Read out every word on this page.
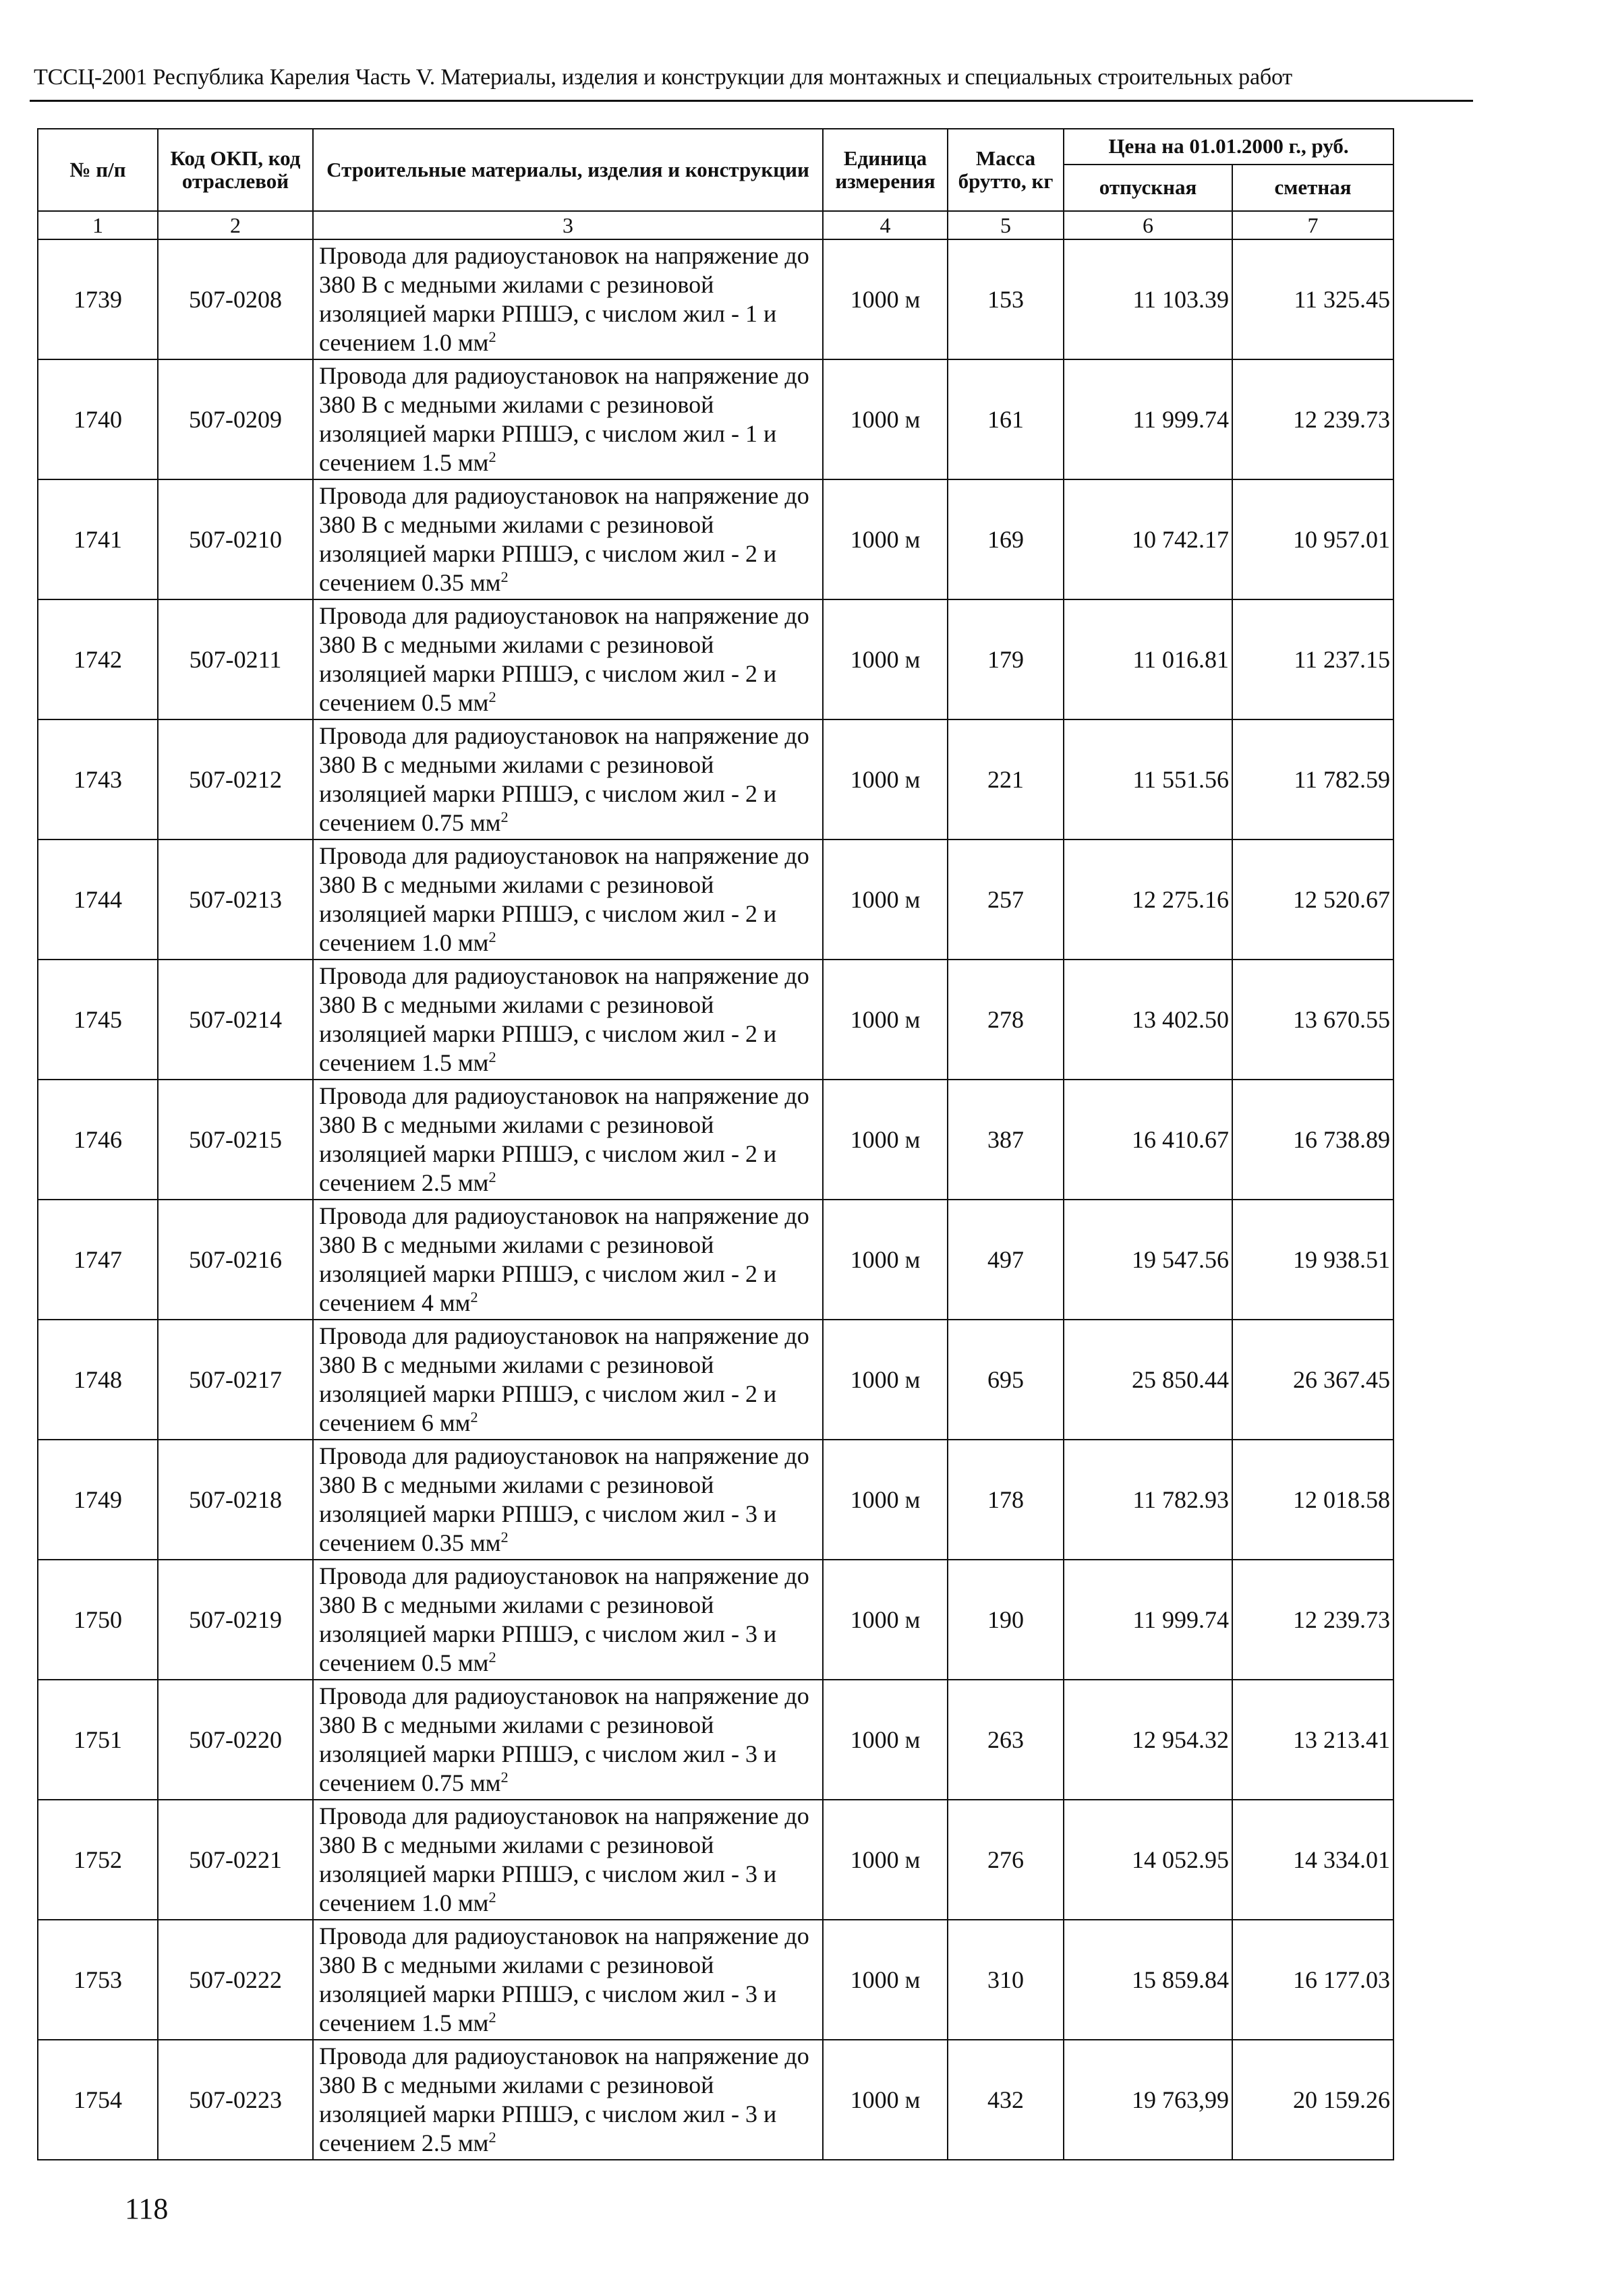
ТССЦ-2001 Республика Карелия Часть V. Материалы, изделия и конструкции для монтажных и специальных строительных работ
№ п/п	Код ОКП, код отраслевой	Строительные материалы, изделия и конструкции	Единица измерения	Масса брутто, кг	Цена на 01.01.2000 г., руб.	
					отпускная	сметная
1	2	3	4	5	6	7
1739	507-0208	Провода для радиоустановок на напряжение до 380 В с медными жилами с резиновой изоляцией марки РПШЭ, с числом жил - 1 и сечением 1.0 $мм^2$	1000 м	153	11 103.39	11 325.45
1740	507-0209	Провода для радиоустановок на напряжение до 380 В с медными жилами с резиновой изоляцией марки РПШЭ, с числом жил - 1 и сечением 1.5 $мм^2$	1000 м	161	11 999.74	12 239.73
1741	507-0210	Провода для радиоустановок на напряжение до 380 В с медными жилами с резиновой изоляцией марки РПШЭ, с числом жил - 2 и сечением 0.35 $мм^2$	1000 м	169	10 742.17	10 957.01
1742	507-0211	Провода для радиоустановок на напряжение до 380 В с медными жилами с резиновой изоляцией марки РПШЭ, с числом жил - 2 и сечением 0.5 $мм^2$	1000 м	179	11 016.81	11 237.15
1743	507-0212	Провода для радиоустановок на напряжение до 380 В с медными жилами с резиновой изоляцией марки РПШЭ, с числом жил - 2 и сечением 0.75 $мм^2$	1000 м	221	11 551.56	11 782.59
1744	507-0213	Провода для радиоустановок на напряжение до 380 В с медными жилами с резиновой изоляцией марки РПШЭ, с числом жил - 2 и сечением 1.0 $мм^2$	1000 м	257	12 275.16	12 520.67
1745	507-0214	Провода для радиоустановок на напряжение до 380 В с медными жилами с резиновой изоляцией марки РПШЭ, с числом жил - 2 и сечением 1.5 $мм^2$	1000 м	278	13 402.50	13 670.55
1746	507-0215	Провода для радиоустановок на напряжение до 380 В с медными жилами с резиновой изоляцией марки РПШЭ, с числом жил - 2 и сечением 2.5 $мм^2$	1000 м	387	16 410.67	16 738.89
1747	507-0216	Провода для радиоустановок на напряжение до 380 В с медными жилами с резиновой изоляцией марки РПШЭ, с числом жил - 2 и сечением 4 $мм^2$	1000 м	497	19 547.56	19 938.51
1748	507-0217	Провода для радиоустановок на напряжение до 380 В с медными жилами с резиновой изоляцией марки РПШЭ, с числом жил - 2 и сечением 6 $мм^2$	1000 м	695	25 850.44	26 367.45
1749	507-0218	Провода для радиоустановок на напряжение до 380 В с медными жилами с резиновой изоляцией марки РПШЭ, с числом жил - 3 и сечением 0.35 $мм^2$	1000 м	178	11 782.93	12 018.58
1750	507-0219	Провода для радиоустановок на напряжение до 380 В с медными жилами с резиновой изоляцией марки РПШЭ, с числом жил - 3 и сечением 0.5 $мм^2$	1000 м	190	11 999.74	12 239.73
1751	507-0220	Провода для радиоустановок на напряжение до 380 В с медными жилами с резиновой изоляцией марки РПШЭ, с числом жил - 3 и сечением 0.75 $мм^2$	1000 м	263	12 954.32	13 213.41
1752	507-0221	Провода для радиоустановок на напряжение до 380 В с медными жилами с резиновой изоляцией марки РПШЭ, с числом жил - 3 и сечением 1.0 $мм^2$	1000 м	276	14 052.95	14 334.01
1753	507-0222	Провода для радиоустановок на напряжение до 380 В с медными жилами с резиновой изоляцией марки РПШЭ, с числом жил - 3 и сечением 1.5 $мм^2$	1000 м	310	15 859.84	16 177.03
1754	507-0223	Провода для радиоустановок на напряжение до 380 В с медными жилами с резиновой изоляцией марки РПШЭ, с числом жил - 3 и сечением 2.5 $мм^2$	1000 м	432	19 763,99	20 159.26
118
